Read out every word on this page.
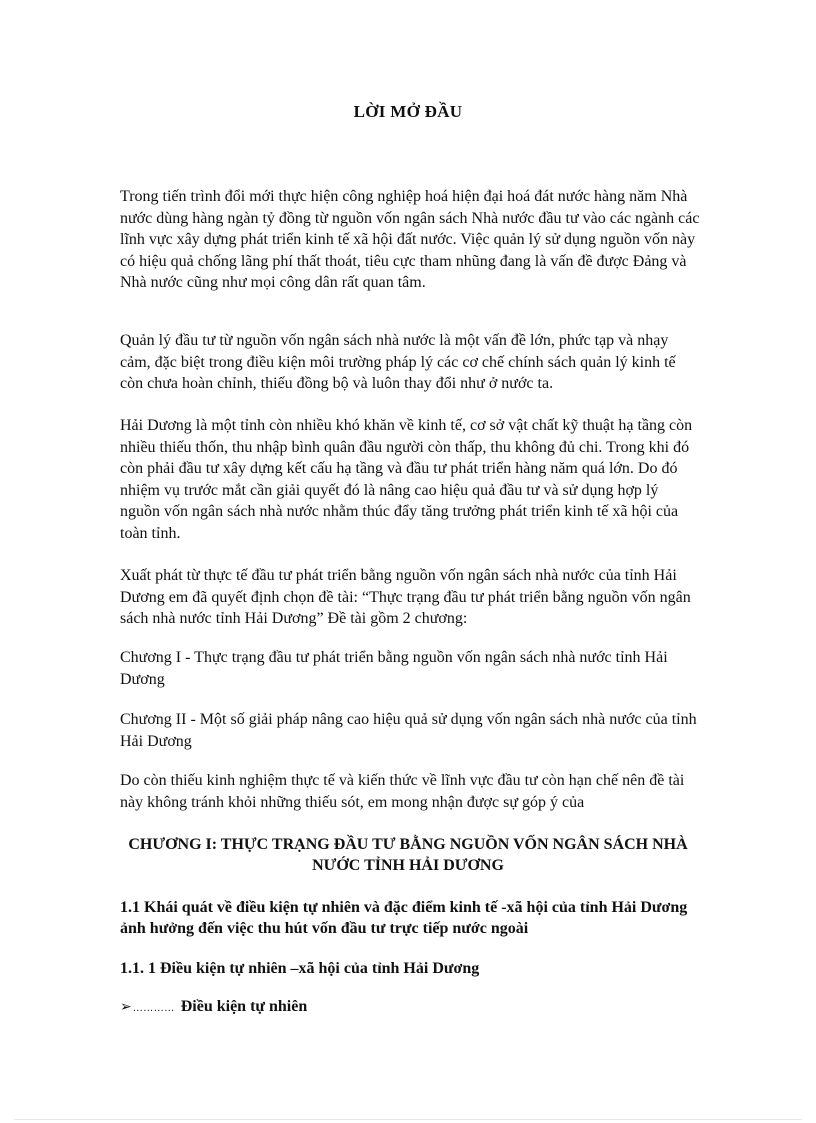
LỜI MỞ ĐẦU
Trong tiến trình đổi mới thực hiện công nghiệp hoá hiện đại hoá đát nước hàng năm Nhà nước dùng hàng ngàn tỷ đồng từ nguồn vốn ngân sách Nhà nước đầu tư vào các ngành các lĩnh vực xây dựng phát triển kinh tế xã hội đất nước. Việc quản lý sử dụng nguồn vốn này có hiệu quả chống lãng phí thất thoát, tiêu cực tham nhũng đang là vấn đề được Đảng và Nhà nước cũng như mọi công dân rất quan tâm.
Quản lý đầu tư từ nguồn vốn ngân sách nhà nước là một vấn đề lớn, phức tạp và nhạy cảm, đặc biệt trong điều kiện môi trường pháp lý các cơ chế chính sách quản lý kinh tế còn chưa hoàn chỉnh, thiếu đồng bộ và luôn thay đổi như ở nước ta.
Hải Dương là một tỉnh còn nhiều khó khăn về kinh tế, cơ sở vật chất kỹ thuật hạ tầng còn nhiều thiếu thốn, thu nhập bình quân đầu người còn thấp, thu không đủ chi. Trong khi đó còn phải đầu tư xây dựng kết cấu hạ tầng và đầu tư phát triển hàng năm quá lớn. Do đó nhiệm vụ trước mắt cần giải quyết đó là nâng cao hiệu quả đầu tư và sử dụng hợp lý nguồn vốn ngân sách nhà nước nhằm thúc đẩy tăng trưởng phát triển kinh tế xã hội của toàn tỉnh.
Xuất phát từ thực tế đầu tư phát triển bằng nguồn vốn ngân sách nhà nước của tỉnh Hải Dương em đã quyết định chọn đề tài: “Thực trạng đầu tư phát triển bằng nguồn vốn ngân sách nhà nước tỉnh Hải Dương” Đề tài gồm 2 chương:
Chương I - Thực trạng đầu tư phát triển bằng nguồn vốn ngân sách nhà nước tỉnh Hải Dương
Chương II - Một số giải pháp nâng cao hiệu quả sử dụng vốn ngân sách nhà nước của tỉnh Hải Dương
Do còn thiếu kinh nghiệm thực tế và kiến thức về lĩnh vực đầu tư còn hạn chế nên đề tài này không tránh khỏi những thiếu sót, em mong nhận được sự góp ý của
CHƯƠNG I: THỰC TRẠNG ĐẦU TƯ BẰNG NGUỒN VỐN NGÂN SÁCH NHÀ NƯỚC TỈNH HẢI DƯƠNG
1.1 Khái quát về điều kiện tự nhiên và đặc điểm kinh tế -xã hội của tỉnh Hải Dương ảnh hưởng đến việc thu hút vốn đầu tư trực tiếp nước ngoài
1.1. 1 Điều kiện tự nhiên –xã hội của tỉnh Hải Dương
➢ ………… Điều kiện tự nhiên
